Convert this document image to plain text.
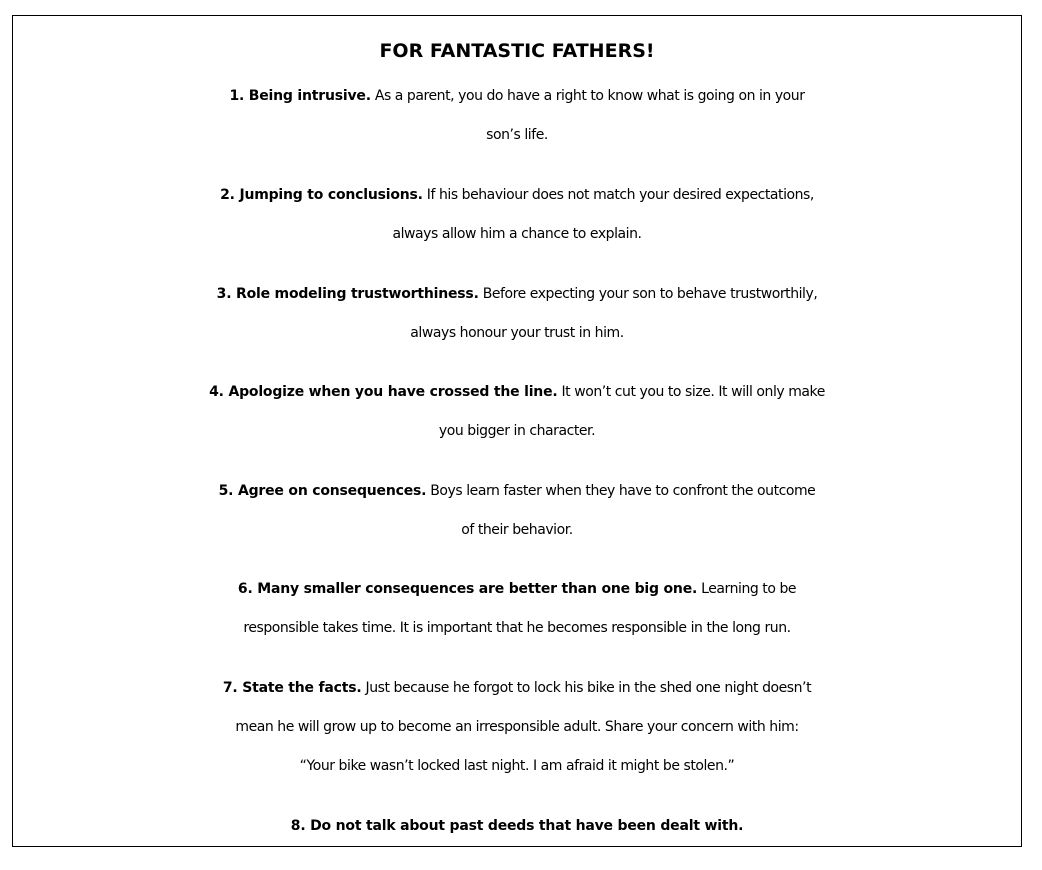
FOR FANTASTIC FATHERS!
1. Being intrusive. As a parent, you do have a right to know what is going on in your
son’s life.
2. Jumping to conclusions. If his behaviour does not match your desired expectations,
always allow him a chance to explain.
3. Role modeling trustworthiness. Before expecting your son to behave trustworthily,
always honour your trust in him.
4. Apologize when you have crossed the line. It won’t cut you to size. It will only make
you bigger in character.
5. Agree on consequences. Boys learn faster when they have to confront the outcome
of their behavior.
6. Many smaller consequences are better than one big one. Learning to be
responsible takes time. It is important that he becomes responsible in the long run.
7. State the facts. Just because he forgot to lock his bike in the shed one night doesn’t
mean he will grow up to become an irresponsible adult. Share your concern with him:
“Your bike wasn’t locked last night. I am afraid it might be stolen.”
8. Do not talk about past deeds that have been dealt with.
